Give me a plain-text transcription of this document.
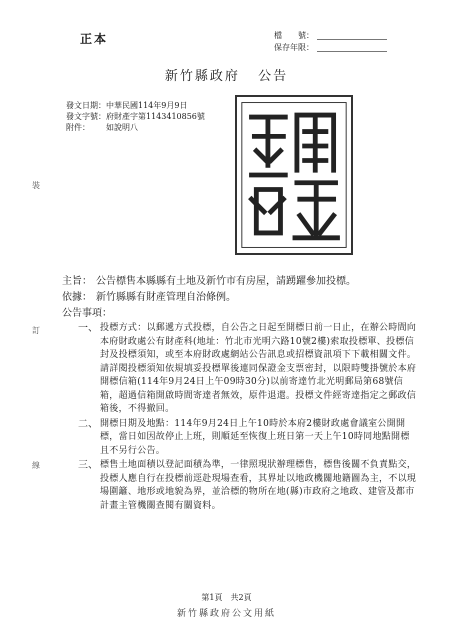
正本	檔　　號：
保存年限：
新竹縣政府 公告
發文日期： 中華民國114年9月9日
發文字號： 府財產字第1143410856號
附件：	如說明八
裝
訂
線
主旨： 公告標售本縣縣有土地及新竹市有房屋，請踴躍參加投標。
依據： 新竹縣縣有財產管理自治條例。
公告事項：
一、 投標方式：以郵遞方式投標，自公告之日起至開標日前一日止，在辦公時間向本府財政處公有財產科(地址：竹北市光明六路10號2樓)索取投標單、投標信封及投標須知，或至本府財政處網站公告訊息或招標資訊項下下載相關文件。請詳閱投標須知依規填妥投標單後連同保證金支票密封，以限時雙掛號於本府開標信箱(114年9月24日上午09時30分)以前寄達竹北光明郵局第68號信箱，超過信箱開啟時間寄達者無效，原件退還。投標文件經寄達指定之郵政信箱後，不得撤回。
二、 開標日期及地點：114年9月24日上午10時於本府2樓財政處會議室公開開標，當日如因故停止上班，則順延至恢復上班日第一天上午10時同地點開標且不另行公告。
三、 標售土地面積以登記面積為準，一律照現狀辦理標售，標售後關不負責點交，投標人應自行在投標前逕赴現場查看，其界址以地政機關地籍圖為主，不以現場圍籬、地形或地貌為界，並洽標的物所在地(縣)市政府之地政、建管及都市計畫主管機關查閱有關資料。
第1頁　共2頁
新竹縣政府公文用紙
